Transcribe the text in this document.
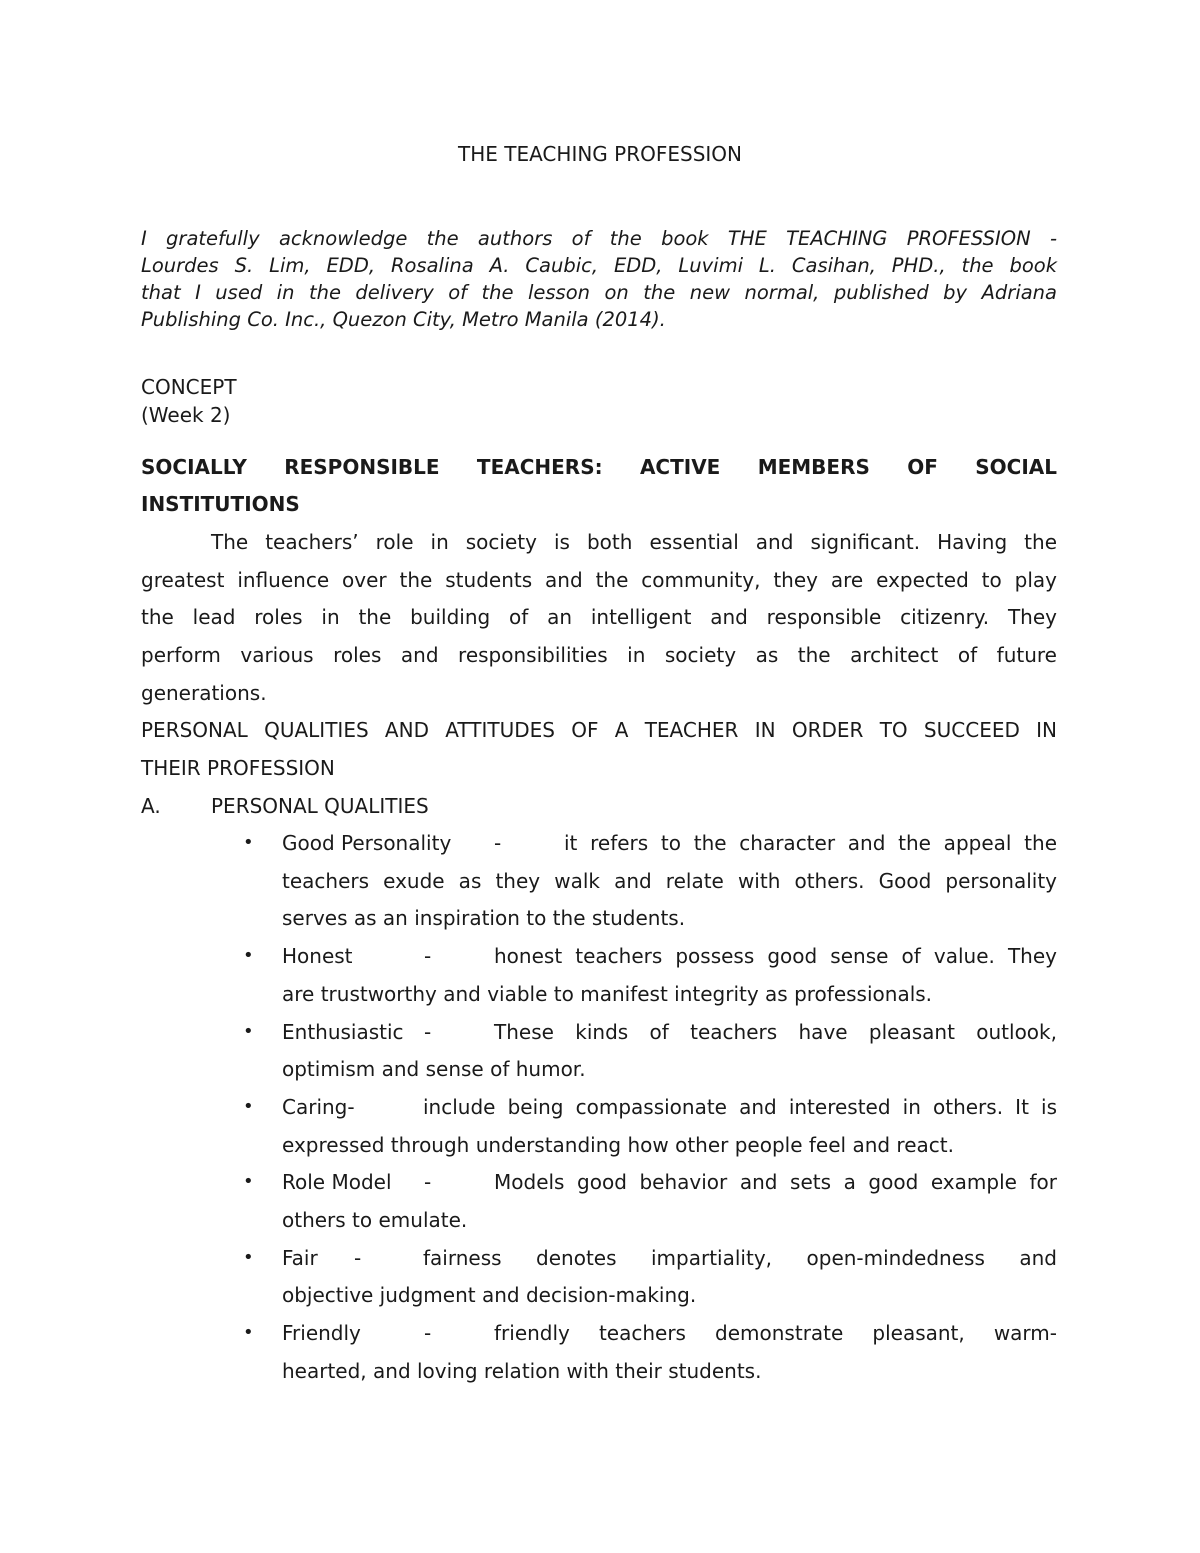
THE TEACHING PROFESSION
I gratefully acknowledge the authors of the book THE TEACHING PROFESSION -
Lourdes S. Lim, EDD, Rosalina A. Caubic, EDD, Luvimi L. Casihan, PHD., the book
that I used in the delivery of the lesson on the new normal, published by Adriana
Publishing Co. Inc., Quezon City, Metro Manila (2014).
CONCEPT
(Week 2)
SOCIALLY RESPONSIBLE TEACHERS: ACTIVE MEMBERS OF SOCIAL
INSTITUTIONS
The teachers’ role in society is both essential and significant. Having the
greatest influence over the students and the community, they are expected to play
the lead roles in the building of an intelligent and responsible citizenry. They
perform various roles and responsibilities in society as the architect of future
generations.
PERSONAL QUALITIES AND ATTITUDES OF A TEACHER IN ORDER TO SUCCEED IN
THEIR PROFESSION
A.	PERSONAL QUALITIES
• Good Personality -	it refers to the character and the appeal the
teachers exude as they walk and relate with others. Good personality
serves as an inspiration to the students.
• Honest	-	honest teachers possess good sense of value. They
are trustworthy and viable to manifest integrity as professionals.
• Enthusiastic -	These kinds of teachers have pleasant outlook,
optimism and sense of humor.
• Caring-	include being compassionate and interested in others. It is
expressed through understanding how other people feel and react.
• Role Model -	Models good behavior and sets a good example for
others to emulate.
• Fair -	fairness denotes impartiality, open-mindedness and
objective judgment and decision-making.
• Friendly	-	friendly teachers demonstrate pleasant, warm-
hearted, and loving relation with their students.
